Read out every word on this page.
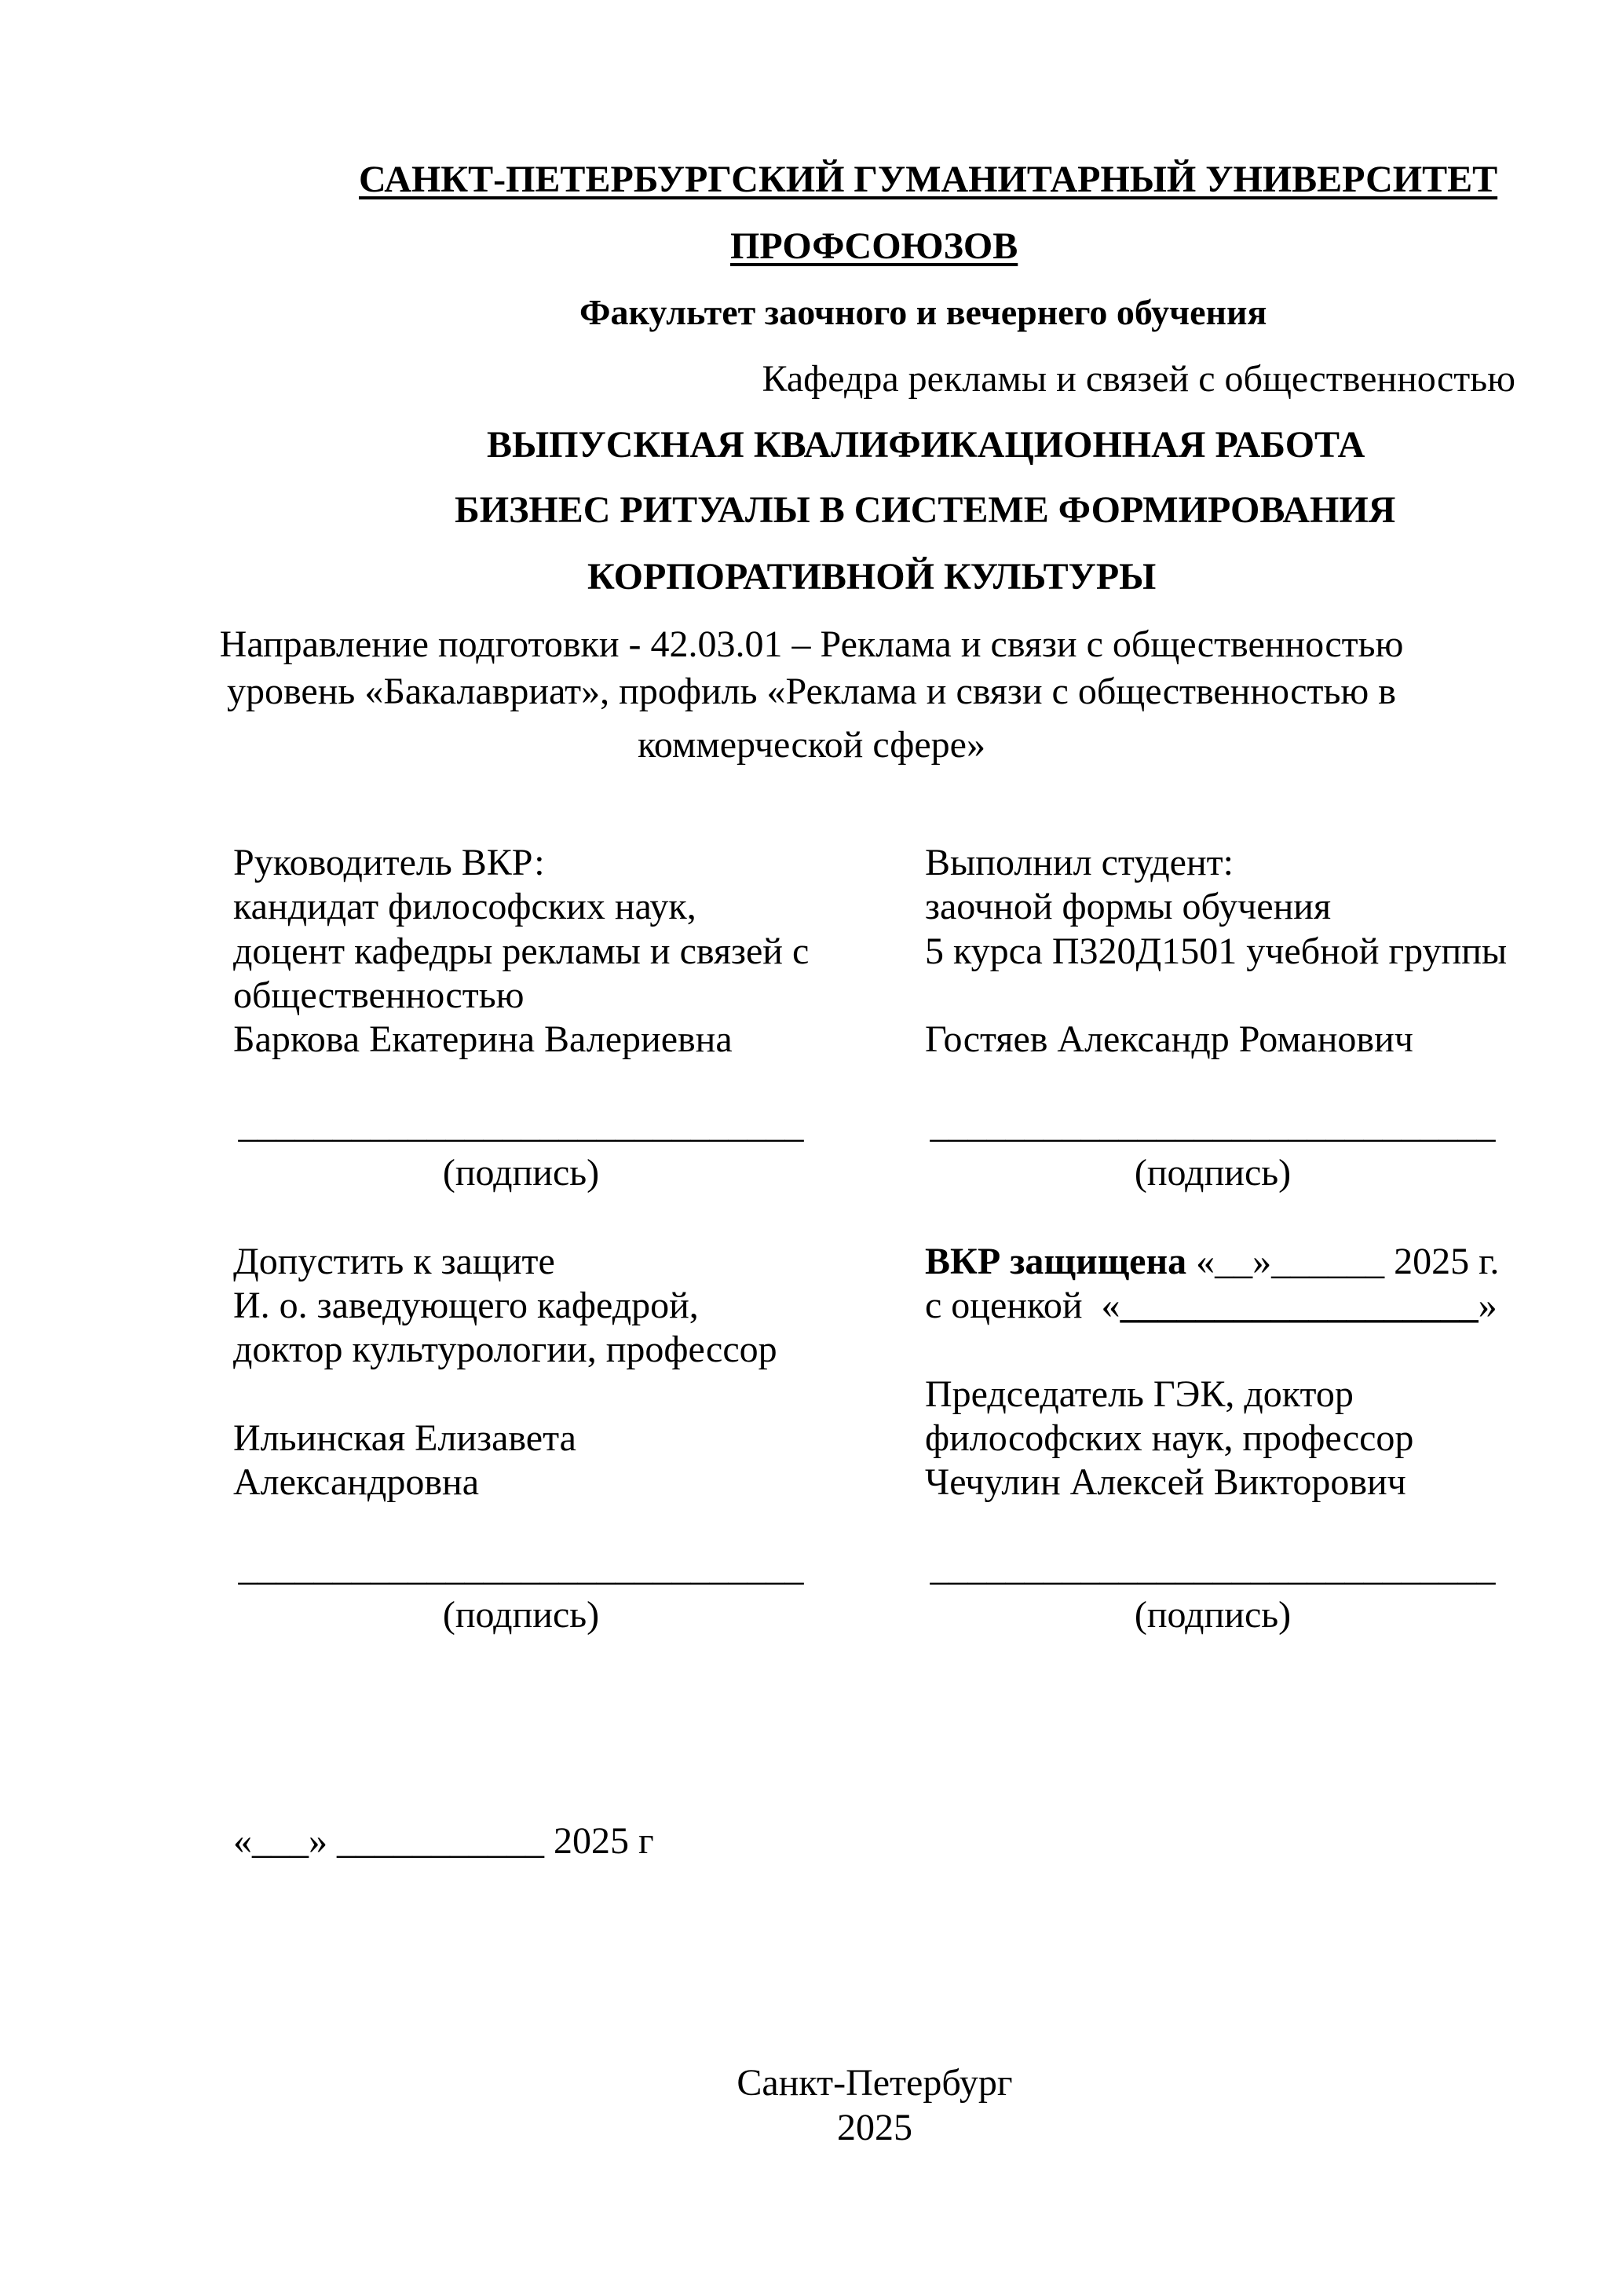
САНКТ-ПЕТЕРБУРГСКИЙ ГУМАНИТАРНЫЙ УНИВЕРСИТЕТ
ПРОФСОЮЗОВ
Факультет заочного и вечернего обучения
Кафедра рекламы и связей с общественностью
ВЫПУСКНАЯ КВАЛИФИКАЦИОННАЯ РАБОТА
БИЗНЕС РИТУАЛЫ В СИСТЕМЕ ФОРМИРОВАНИЯ
КОРПОРАТИВНОЙ КУЛЬТУРЫ
Направление подготовки - 42.03.01 – Реклама и связи с общественностью
уровень «Бакалавриат», профиль «Реклама и связи с общественностью в
коммерческой сфере»
Руководитель ВКР:
кандидат философских наук,
доцент кафедры рекламы и связей с
общественностью
Баркова Екатерина Валериевна
______________________________
(подпись)
Выполнил студент:
заочной формы обучения
5 курса П320Д1501 учебной группы
Гостяев Александр Романович
______________________________
(подпись)
Допустить к защите
И. о. заведующего кафедрой,
доктор культурологии, профессор
Ильинская Елизавета
Александровна
______________________________
(подпись)
ВКР защищена «__»______ 2025 г.
с оценкой  «___________________»
Председатель ГЭК, доктор
философских наук, профессор
Чечулин Алексей Викторович
______________________________
(подпись)
«___» ___________ 2025 г
Санкт-Петербург
2025
